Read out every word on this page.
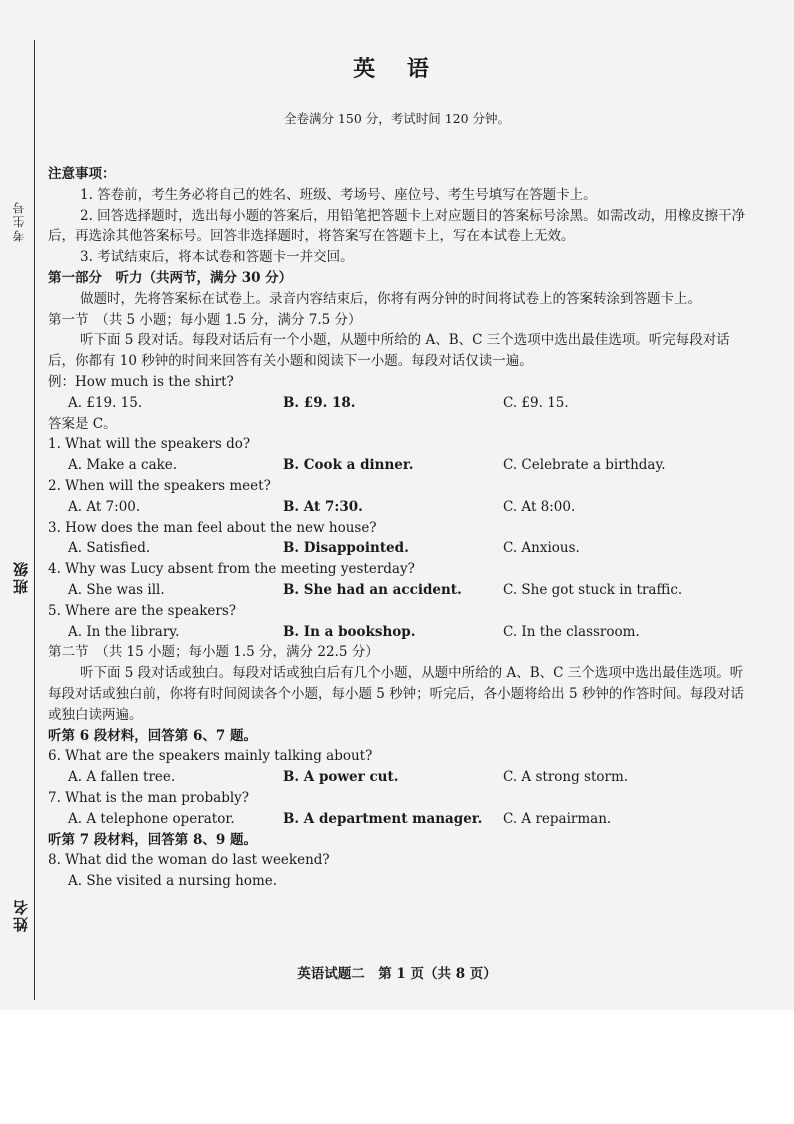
考生号
班级
姓名
英 语
全卷满分 150 分，考试时间 120 分钟。
注意事项：
1. 答卷前，考生务必将自己的姓名、班级、考场号、座位号、考生号填写在答题卡上。
2. 回答选择题时，选出每小题的答案后，用铅笔把答题卡上对应题目的答案标号涂黑。如需改动，用橡皮擦干净后，再选涂其他答案标号。回答非选择题时，将答案写在答题卡上，写在本试卷上无效。
3. 考试结束后，将本试卷和答题卡一并交回。
第一部分　听力（共两节，满分 30 分）
做题时，先将答案标在试卷上。录音内容结束后，你将有两分钟的时间将试卷上的答案转涂到答题卡上。
第一节　（共 5 小题；每小题 1.5 分，满分 7.5 分）
听下面 5 段对话。每段对话后有一个小题，从题中所给的 A、B、C 三个选项中选出最佳选项。听完每段对话后，你都有 10 秒钟的时间来回答有关小题和阅读下一小题。每段对话仅读一遍。
例：How much is the shirt?
A. £19. 15.	B. £9. 18.	C. £9. 15.
答案是 C。
1. What will the speakers do?
A. Make a cake.	B. Cook a dinner.	C. Celebrate a birthday.
2. When will the speakers meet?
A. At 7:00.	B. At 7:30.	C. At 8:00.
3. How does the man feel about the new house?
A. Satisfied.	B. Disappointed.	C. Anxious.
4. Why was Lucy absent from the meeting yesterday?
A. She was ill.	B. She had an accident.	C. She got stuck in traffic.
5. Where are the speakers?
A. In the library.	B. In a bookshop.	C. In the classroom.
第二节　（共 15 小题；每小题 1.5 分，满分 22.5 分）
听下面 5 段对话或独白。每段对话或独白后有几个小题，从题中所给的 A、B、C 三个选项中选出最佳选项。听每段对话或独白前，你将有时间阅读各个小题，每小题 5 秒钟；听完后，各小题将给出 5 秒钟的作答时间。每段对话或独白读两遍。
听第 6 段材料，回答第 6、7 题。
6. What are the speakers mainly talking about?
A. A fallen tree.	B. A power cut.	C. A strong storm.
7. What is the man probably?
A. A telephone operator.	B. A department manager.	C. A repairman.
听第 7 段材料，回答第 8、9 题。
8. What did the woman do last weekend?
A. She visited a nursing home.
英语试题二　第 1 页（共 8 页）
